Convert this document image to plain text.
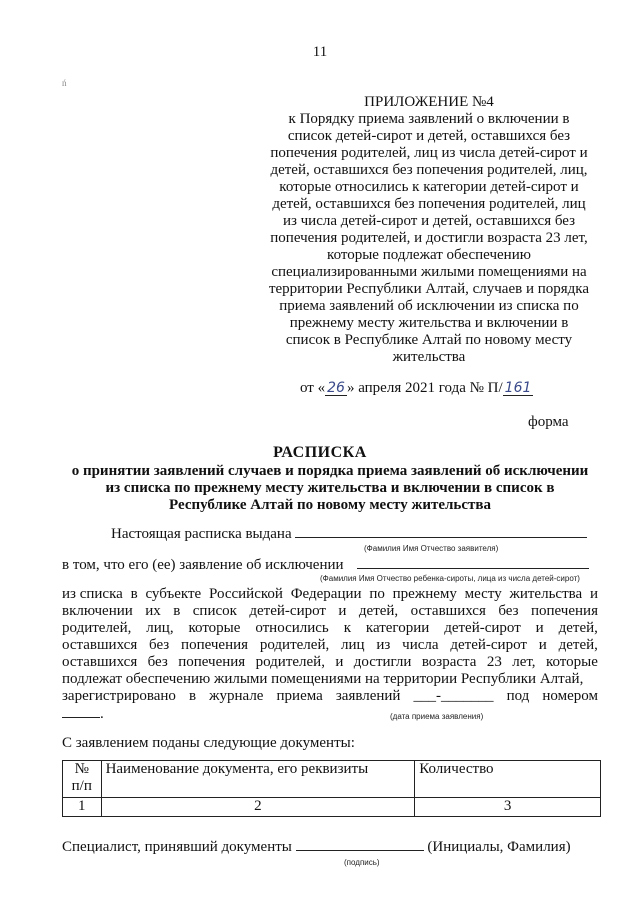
11
ń
ПРИЛОЖЕНИЕ №4
к Порядку приема заявлений о включении в
список детей-сирот и детей, оставшихся без
попечения родителей, лиц из числа детей-сирот и
детей, оставшихся без попечения родителей, лиц,
которые относились к категории детей-сирот и
детей, оставшихся без попечения родителей, лиц
из числа детей-сирот и детей, оставшихся без
попечения родителей, и достигли возраста 23 лет,
которые подлежат обеспечению
специализированными жилыми помещениями на
территории Республики Алтай, случаев и порядка
приема заявлений об исключении из списка по
прежнему месту жительства и включении в
список в Республике Алтай по новому месту
жительства
от « 26 » апреля 2021 года № П/ 161
форма
РАСПИСКА
о принятии заявлений случаев и порядка приема заявлений об исключении
из списка по прежнему месту жительства и включении в список в
Республике Алтай по новому месту жительства
Настоящая расписка выдана
(Фамилия Имя Отчество заявителя)
в том, что его (ее) заявление об исключении
(Фамилия Имя Отчество ребенка-сироты, лица из числа детей-сирот)
из списка в субъекте Российской Федерации по прежнему месту жительства и
включении их в список детей-сирот и детей, оставшихся без попечения
родителей, лиц, которые относились к категории детей-сирот и детей,
оставшихся без попечения родителей, лиц из числа детей-сирот и детей,
оставшихся без попечения родителей, и достигли возраста 23 лет, которые
подлежат обеспечению жилыми помещениями на территории Республики Алтай,
зарегистрировано в журнале приема заявлений ___-_______ под номером
.	(дата приема заявления)
С заявлением поданы следующие документы:
№ п/п	Наименование документа, его реквизиты	Количество
1	2	3
Специалист, принявший документы	(Инициалы, Фамилия)
(подпись)
